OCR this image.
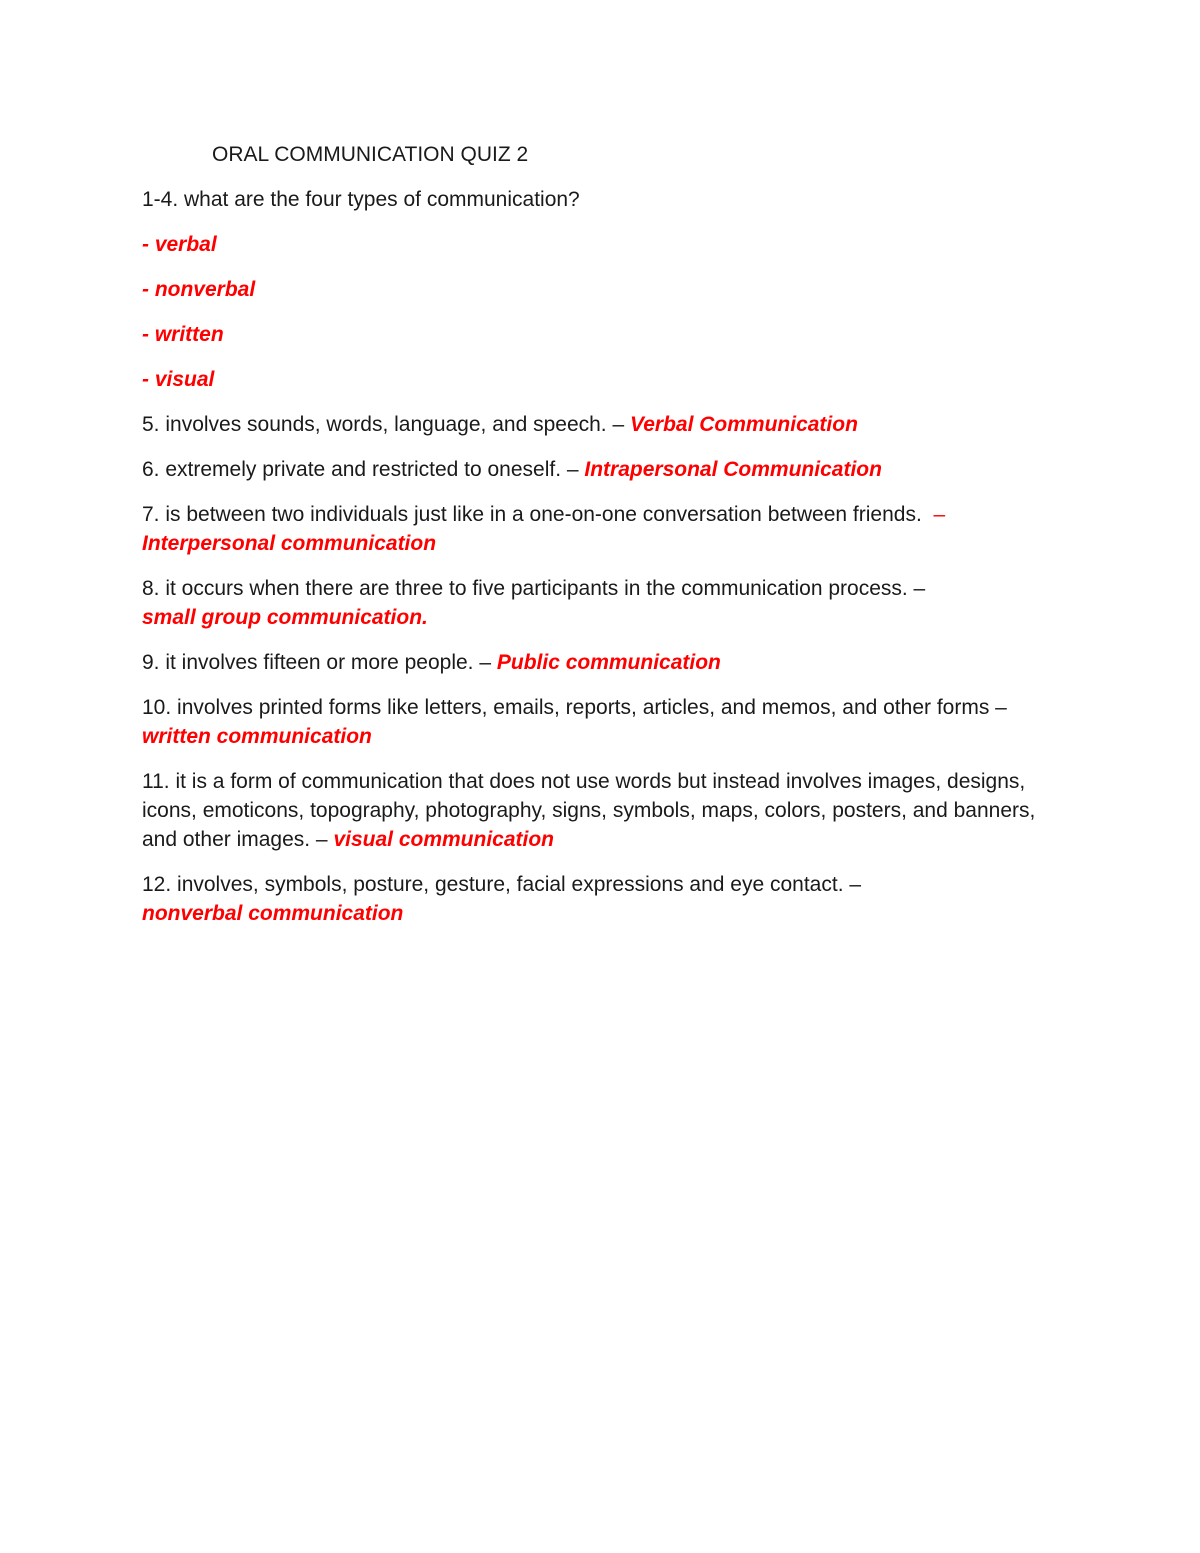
ORAL COMMUNICATION QUIZ 2

1-4. what are the four types of communication?

- verbal

- nonverbal

- written

- visual

5. involves sounds, words, language, and speech. – Verbal Communication

6. extremely private and restricted to oneself. – Intrapersonal Communication

7. is between two individuals just like in a one-on-one conversation between friends.  –
Interpersonal communication

8. it occurs when there are three to five participants in the communication process. –
small group communication.

9. it involves fifteen or more people. – Public communication

10. involves printed forms like letters, emails, reports, articles, and memos, and other forms – written communication

11. it is a form of communication that does not use words but instead involves images, designs, icons, emoticons, topography, photography, signs, symbols, maps, colors, posters, and banners, and other images. – visual communication

12. involves, symbols, posture, gesture, facial expressions and eye contact. –
nonverbal communication
